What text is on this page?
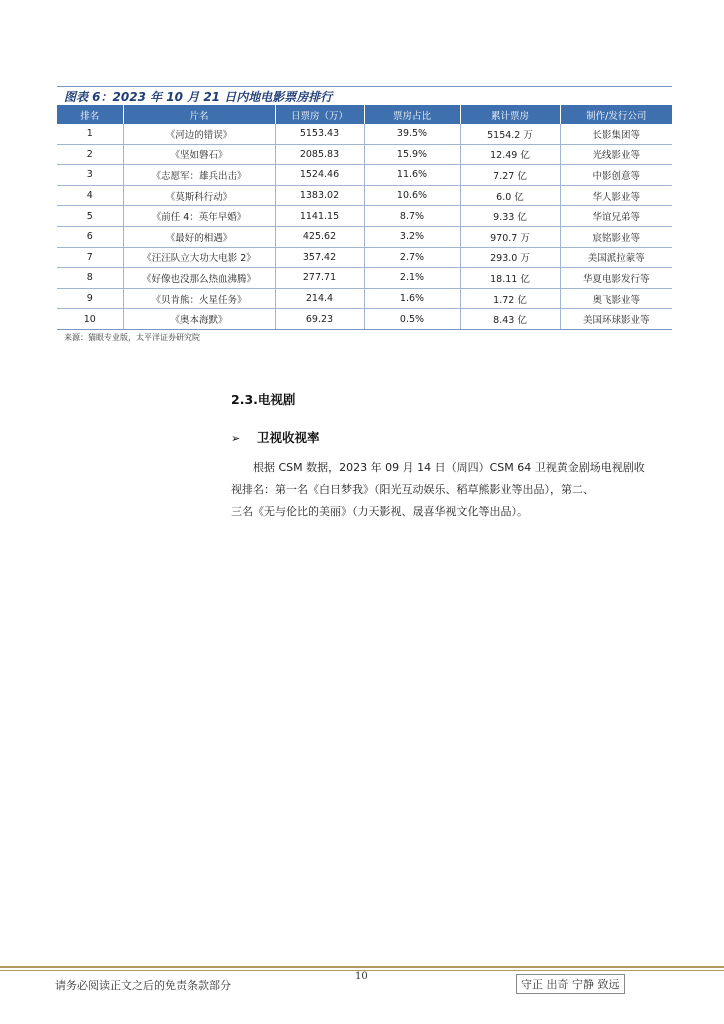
图表 6：2023 年 10 月 21 日内地电影票房排行
排名	片名	日票房（万）	票房占比	累计票房	制作/发行公司
1	《河边的错误》	5153.43	39.5%	5154.2 万	长影集团等
2	《坚如磐石》	2085.83	15.9%	12.49 亿	光线影业等
3	《志愿军：雄兵出击》	1524.46	11.6%	7.27 亿	中影创意等
4	《莫斯科行动》	1383.02	10.6%	6.0 亿	华人影业等
5	《前任 4：英年早婚》	1141.15	8.7%	9.33 亿	华谊兄弟等
6	《最好的相遇》	425.62	3.2%	970.7 万	宸铭影业等
7	《汪汪队立大功大电影 2》	357.42	2.7%	293.0 万	美国派拉蒙等
8	《好像也没那么热血沸腾》	277.71	2.1%	18.11 亿	华夏电影发行等
9	《贝肯熊：火星任务》	214.4	1.6%	1.72 亿	奥飞影业等
10	《奥本海默》	69.23	0.5%	8.43 亿	美国环球影业等
来源：猫眼专业版，太平洋证券研究院
2.3.电视剧
➢ 卫视收视率
根据 CSM 数据，2023 年 09 月 14 日（周四）CSM 64 卫视黄金剧场电视剧收
视排名：第一名《白日梦我》（阳光互动娱乐、稻草熊影业等出品），第二、
三名《无与伦比的美丽》（力天影视、晟喜华视文化等出品）。
10
请务必阅读正文之后的免责条款部分	守正 出奇 宁静 致远
